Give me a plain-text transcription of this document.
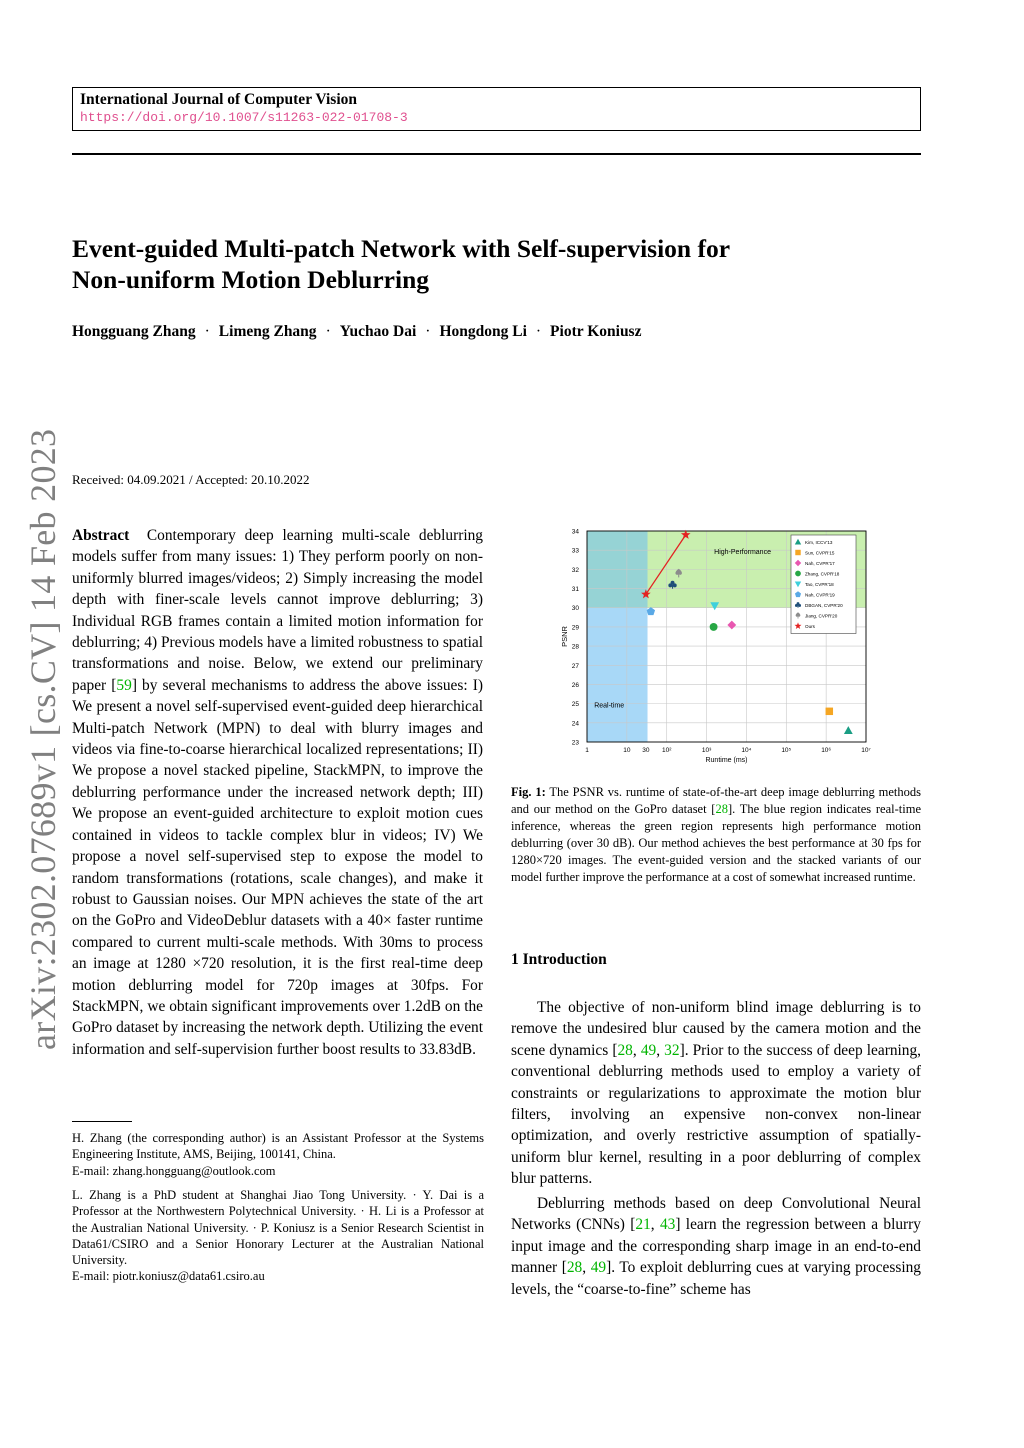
International Journal of Computer Vision
https://doi.org/10.1007/s11263-022-01708-3
Event-guided Multi-patch Network with Self-supervision for
Non-uniform Motion Deblurring
Hongguang Zhang · Limeng Zhang · Yuchao Dai · Hongdong Li · Piotr Koniusz
arXiv:2302.07689v1 [cs.CV] 14 Feb 2023 Received: 04.09.2021 / Accepted: 20.10.2022
Abstract Contemporary deep learning multi-scale deblurring models suffer from many issues: 1) They perform poorly on non-uniformly blurred images/videos; 2) Simply increasing the model depth with finer-scale levels cannot improve deblurring; 3) Individual RGB frames contain a limited motion information for deblurring; 4) Previous models have a limited robustness to spatial transformations and noise. Below, we extend our preliminary paper [59] by several mechanisms to address the above issues: I) We present a novel self-supervised event-guided deep hierarchical Multi-patch Network (MPN) to deal with blurry images and videos via fine-to-coarse hierarchical localized representations; II) We propose a novel stacked pipeline, StackMPN, to improve the deblurring performance under the increased network depth; III) We propose an event-guided architecture to exploit motion cues contained in videos to tackle complex blur in videos; IV) We propose a novel self-supervised step to expose the model to random transformations (rotations, scale changes), and make it robust to Gaussian noises. Our MPN achieves the state of the art on the GoPro and VideoDeblur datasets with a 40× faster runtime compared to current multi-scale methods. With 30ms to process an image at 1280 ×720 resolution, it is the first real-time deep motion deblurring model for 720p images at 30fps. For StackMPN, we obtain significant improvements over 1.2dB on the GoPro dataset by increasing the network depth. Utilizing the event information and self-supervision further boost results to 33.83dB.
H. Zhang (the corresponding author) is an Assistant Professor at the Systems Engineering Institute, AMS, Beijing, 100141, China.
E-mail: zhang.hongguang@outlook.com
L. Zhang is a PhD student at Shanghai Jiao Tong University. · Y. Dai is a Professor at the Northwestern Polytechnical University. · H. Li is a Professor at the Australian National University. · P. Koniusz is a Senior Research Scientist in Data61/CSIRO and a Senior Honorary Lecturer at the Australian National University.
E-mail: piotr.koniusz@data61.csiro.au
1	10 30 10²	10³	10⁴	10⁵	10⁶	10⁷
23
24
25
26
27
28
29
30
31
32
33
34
Runtime (ms)
PSNR
Real-time
High-Performance
Kim, ICCV'13
Sun, CVPR'15
Nah, CVPR'17
Zhang, CVPR'18
Tao, CVPR'18
Nah, CVPR'19
DBGAN, CVPR'20
Jiang, CVPR'20
Ours
Fig. 1: The PSNR vs. runtime of state-of-the-art deep image deblurring methods and our method on the GoPro dataset [28]. The blue region indicates real-time inference, whereas the green region represents high performance motion deblurring (over 30 dB). Our method achieves the best performance at 30 fps for 1280×720 images. The event-guided version and the stacked variants of our model further improve the performance at a cost of somewhat increased runtime.
1 Introduction
The objective of non-uniform blind image deblurring is to remove the undesired blur caused by the camera motion and the scene dynamics [28, 49, 32]. Prior to the success of deep learning, conventional deblurring methods used to employ a variety of constraints or regularizations to approximate the motion blur filters, involving an expensive non-convex non-linear optimization, and overly restrictive assumption of spatially-uniform blur kernel, resulting in a poor deblurring of complex blur patterns.
Deblurring methods based on deep Convolutional Neural Networks (CNNs) [21, 43] learn the regression between a blurry input image and the corresponding sharp image in an end-to-end manner [28, 49]. To exploit deblurring cues at varying processing levels, the “coarse-to-fine” scheme has
